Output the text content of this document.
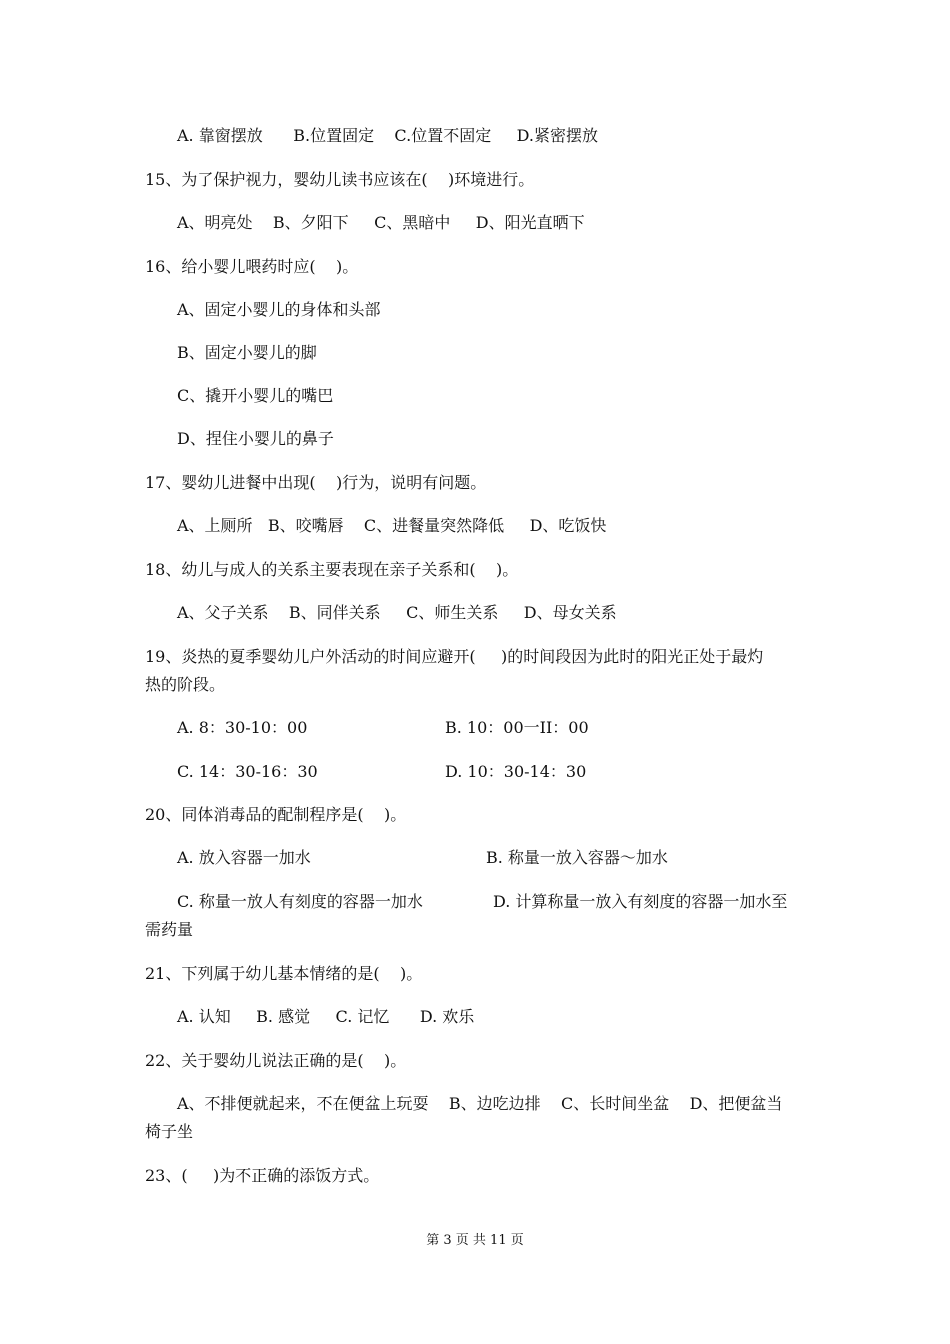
A. 靠窗摆放      B.位置固定    C.位置不固定     D.紧密摆放
15、为了保护视力，婴幼儿读书应该在(    )环境进行。
A、明亮处    B、夕阳下     C、黑暗中     D、阳光直晒下
16、给小婴儿喂药时应(    )。
A、固定小婴儿的身体和头部
B、固定小婴儿的脚
C、撬开小婴儿的嘴巴
D、捏住小婴儿的鼻子
17、婴幼儿进餐中出现(    )行为，说明有问题。
A、上厕所   B、咬嘴唇    C、进餐量突然降低     D、吃饭快
18、幼儿与成人的关系主要表现在亲子关系和(    )。
A、父子关系    B、同伴关系     C、师生关系     D、母女关系
19、炎热的夏季婴幼儿户外活动的时间应避开(     )的时间段因为此时的阳光正处于最灼
热的阶段。
A. 8：30-10：00	B. 10：00一II：00
C. 14：30-16：30	D. 10：30-14：30
20、同体消毒品的配制程序是(    )。
A. 放入容器一加水	B. 称量一放入容器～加水
C. 称量一放人有刻度的容器一加水	D. 计算称量一放入有刻度的容器一加水至
需药量
21、下列属于幼儿基本情绪的是(    )。
A. 认知     B. 感觉     C. 记忆      D. 欢乐
22、关于婴幼儿说法正确的是(    )。
A、不排便就起来，不在便盆上玩耍    B、边吃边排    C、长时间坐盆    D、把便盆当
椅子坐
23、(     )为不正确的添饭方式。
第 3 页 共 11 页
